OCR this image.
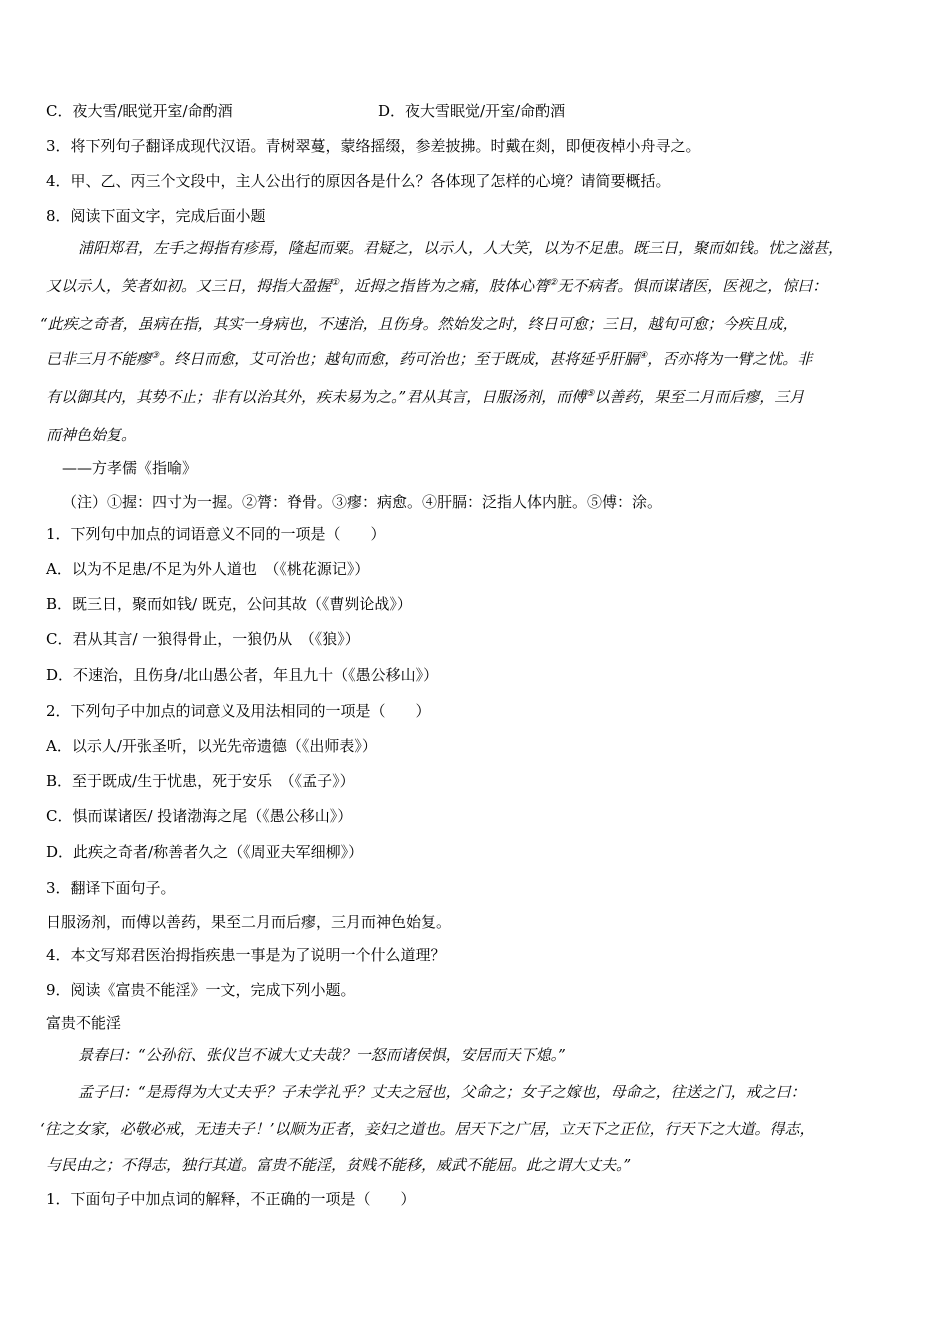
C．夜大雪/眠觉开室/命酌酒	D．夜大雪眠觉/开室/命酌酒
3．将下列句子翻译成现代汉语。青树翠蔓，蒙络摇缀，参差披拂。时戴在剡，即便夜棹小舟寻之。
4．甲、乙、丙三个文段中，主人公出行的原因各是什么？各体现了怎样的心境？请简要概括。
8．阅读下面文字，完成后面小题
浦阳郑君，左手之拇指有疹焉，隆起而粟。君疑之，以示人，人大笑，以为不足患。既三日，聚而如钱。忧之滋甚，
又以示人，笑者如初。又三日，拇指大盈握①，近拇之指皆为之痛，肢体心膂②无不病者。惧而谋诸医，医视之，惊曰：
“此疾之奇者，虽病在指，其实一身病也，不速治，且伤身。然始发之时，终日可愈；三日，越旬可愈；今疾且成，
已非三月不能瘳③。终日而愈，艾可治也；越旬而愈，药可治也；至于既成，甚将延乎肝膈④，否亦将为一臂之忧。非
有以御其内，其势不止；非有以治其外，疾未易为之。”君从其言，日服汤剂，而傅⑤以善药，果至二月而后瘳，三月
而神色始复。
——方孝儒《指喻》
（注）①握：四寸为一握。②膂：脊骨。③瘳：病愈。④肝膈：泛指人体内脏。⑤傅：涂。
1．下列句中加点的词语意义不同的一项是（　　）
A．以为不足患/不足为外人道也　（《桃花源记》）
B．既三日，聚而如钱/ 既克，公问其故（《曹刿论战》）
C．君从其言/ 一狼得骨止，一狼仍从　（《狼》）
D．不速治，且伤身/北山愚公者，年且九十（《愚公移山》）
2．下列句子中加点的词意义及用法相同的一项是（　　）
A．以示人/开张圣听，以光先帝遗德（《出师表》）
B．至于既成/生于忧患，死于安乐　（《孟子》）
C．惧而谋诸医/ 投诸渤海之尾（《愚公移山》）
D．此疾之奇者/称善者久之（《周亚夫军细柳》）
3．翻译下面句子。
日服汤剂，而傅以善药，果至二月而后瘳，三月而神色始复。
4．本文写郑君医治拇指疾患一事是为了说明一个什么道理？
9．阅读《富贵不能淫》一文，完成下列小题。
富贵不能淫
景春曰：“公孙衍、张仪岂不诚大丈夫哉？一怒而诸侯惧，安居而天下熄。”
孟子曰：“是焉得为大丈夫乎？子未学礼乎？丈夫之冠也，父命之；女子之嫁也，母命之，往送之门，戒之曰：
‘往之女家，必敬必戒，无违夫子！’以顺为正者，妾妇之道也。居天下之广居，立天下之正位，行天下之大道。得志，
与民由之；不得志，独行其道。富贵不能淫，贫贱不能移，威武不能屈。此之谓大丈夫。”
1．下面句子中加点词的解释，不正确的一项是（　　）
